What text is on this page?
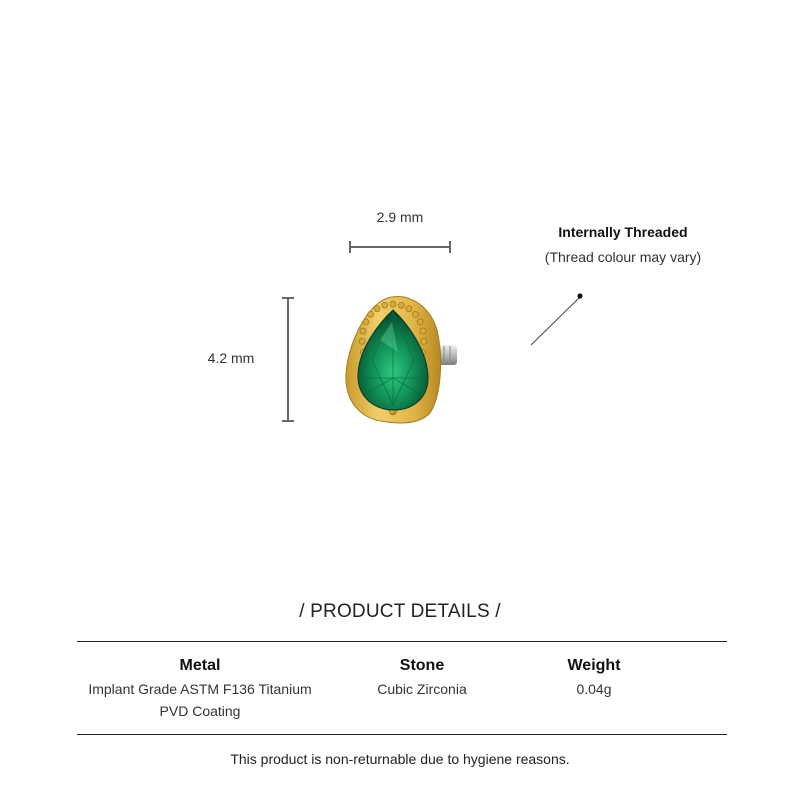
2.9 mm
4.2 mm
Internally Threaded
(Thread colour may vary)
/ PRODUCT DETAILS /
Metal
Implant Grade ASTM F136 Titanium
PVD Coating
Stone
Cubic Zirconia
Weight
0.04g
This product is non-returnable due to hygiene reasons.
